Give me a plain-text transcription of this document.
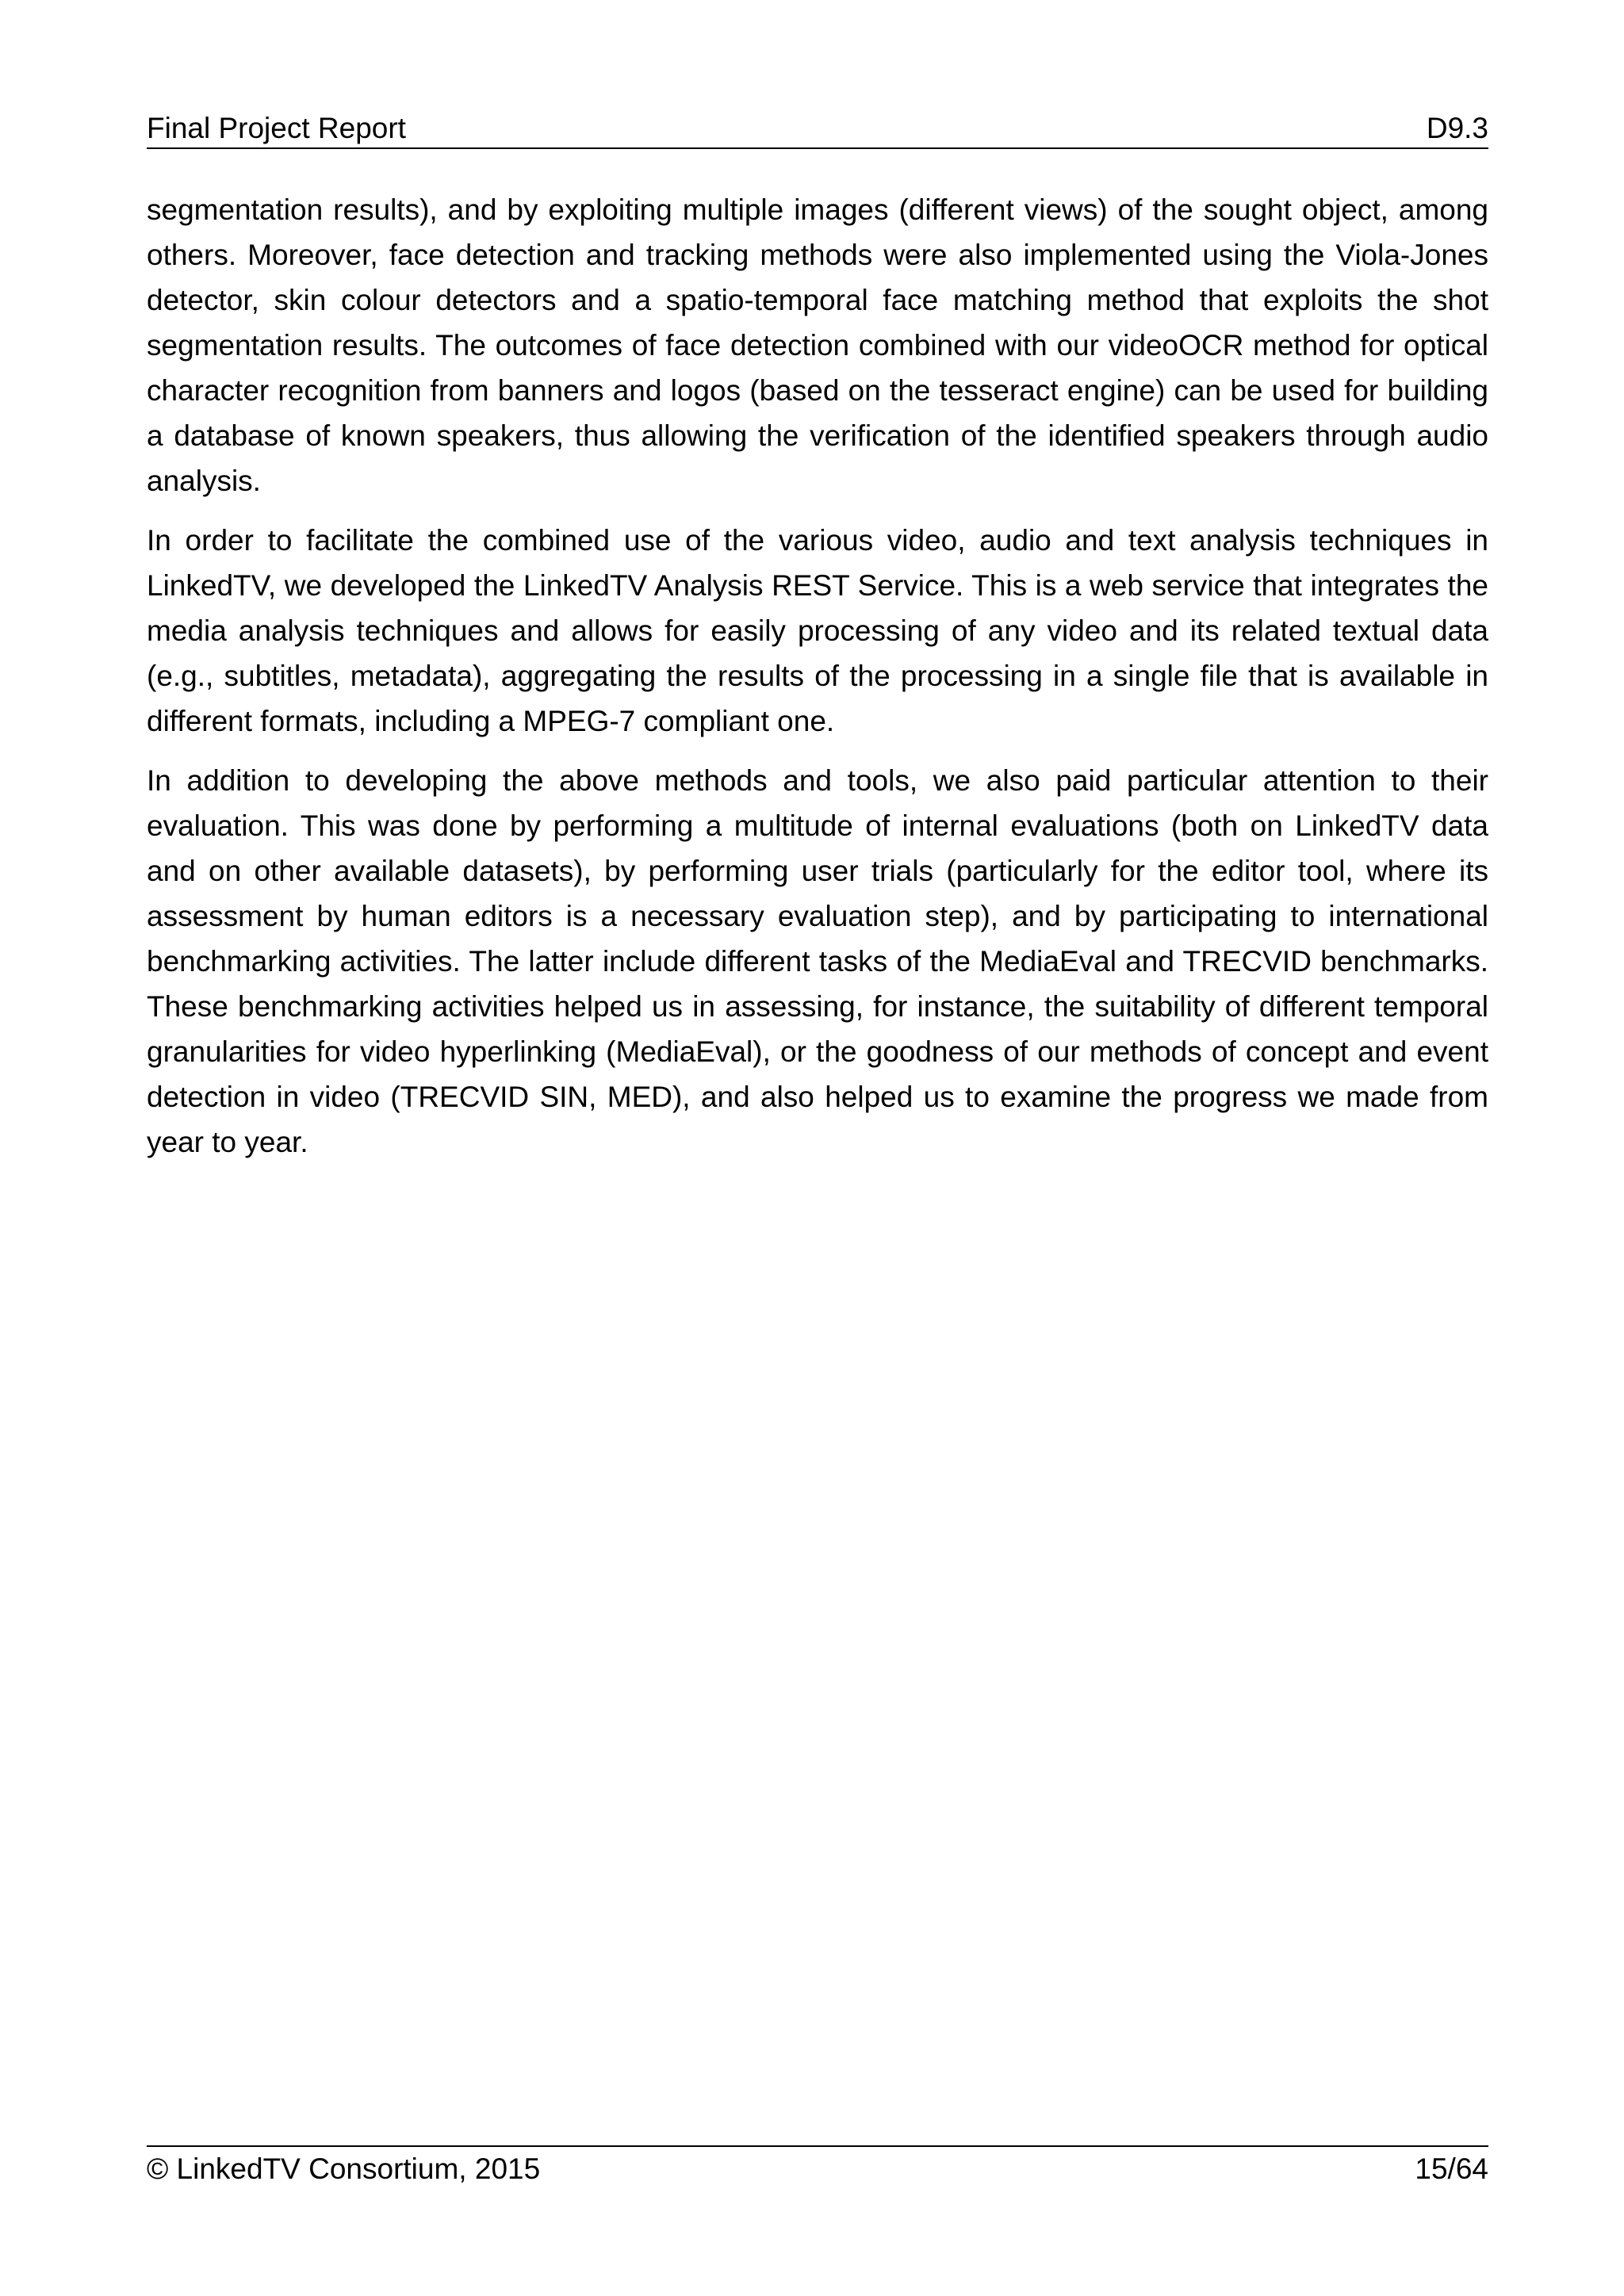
Final Project Report	D9.3

segmentation results), and by exploiting multiple images (different views) of the sought object, among others. Moreover, face detection and tracking methods were also implemented using the Viola-Jones detector, skin colour detectors and a spatio-temporal face matching method that exploits the shot segmentation results. The outcomes of face detection combined with our videoOCR method for optical character recognition from banners and logos (based on the tesseract engine) can be used for building a database of known speakers, thus allowing the verification of the identified speakers through audio analysis.

In order to facilitate the combined use of the various video, audio and text analysis techniques in LinkedTV, we developed the LinkedTV Analysis REST Service. This is a web service that integrates the media analysis techniques and allows for easily processing of any video and its related textual data (e.g., subtitles, metadata), aggregating the results of the processing in a single file that is available in different formats, including a MPEG-7 compliant one.

In addition to developing the above methods and tools, we also paid particular attention to their evaluation. This was done by performing a multitude of internal evaluations (both on LinkedTV data and on other available datasets), by performing user trials (particularly for the editor tool, where its assessment by human editors is a necessary evaluation step), and by participating to international benchmarking activities. The latter include different tasks of the MediaEval and TRECVID benchmarks. These benchmarking activities helped us in assessing, for instance, the suitability of different temporal granularities for video hyperlinking (MediaEval), or the goodness of our methods of concept and event detection in video (TRECVID SIN, MED), and also helped us to examine the progress we made from year to year.

© LinkedTV Consortium, 2015	15/64
